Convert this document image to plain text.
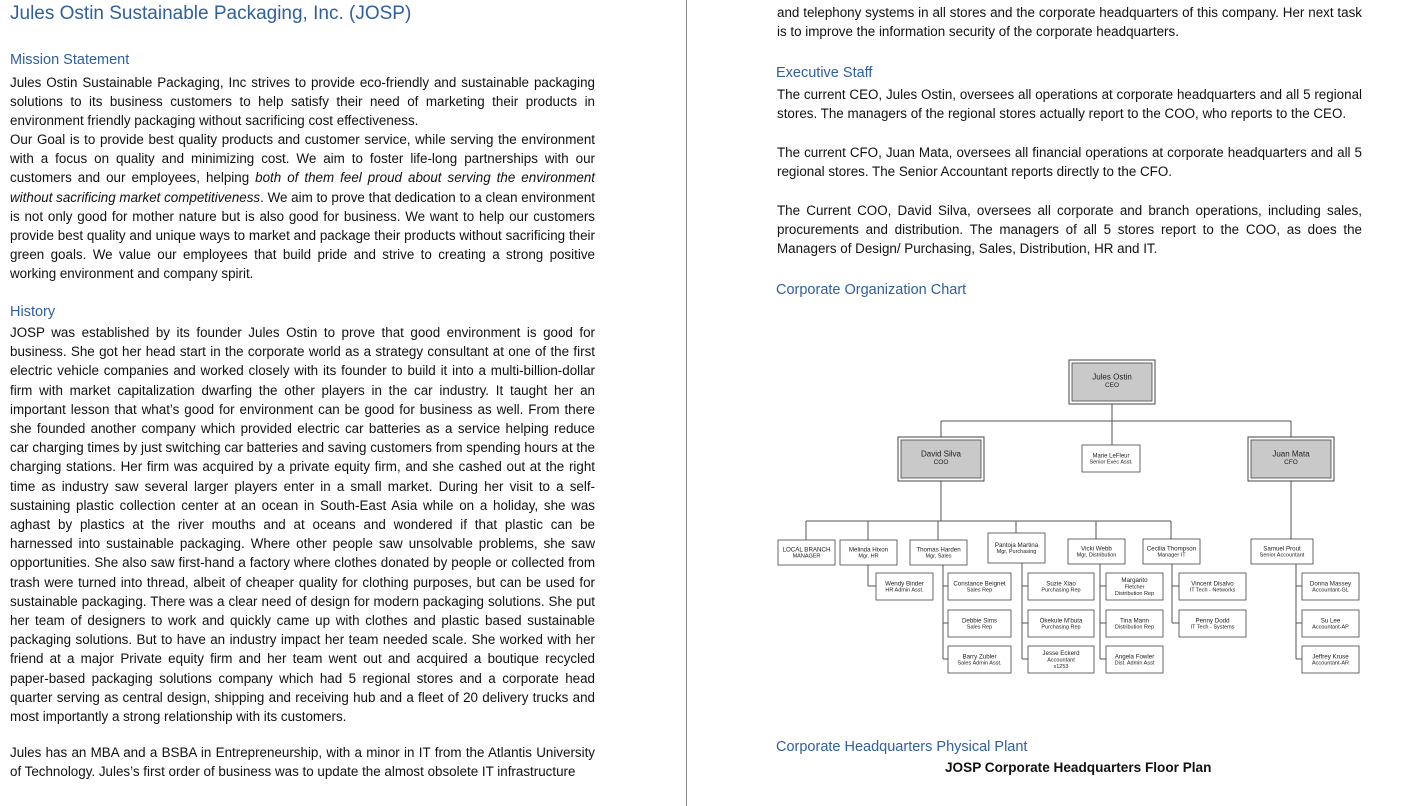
Jules Ostin Sustainable Packaging, Inc. (JOSP)
Mission Statement

Jules Ostin Sustainable Packaging, Inc strives to provide eco-friendly and sustainable packaging solutions to its business customers to help satisfy their need of marketing their products in environment friendly packaging without sacrificing cost effectiveness.

Our Goal is to provide best quality products and customer service, while serving the environment with a focus on quality and minimizing cost. We aim to foster life-long partnerships with our customers and our employees, helping both of them feel proud about serving the environment without sacrificing market competitiveness. We aim to prove that dedication to a clean environment is not only good for mother nature but is also good for business. We want to help our customers provide best quality and unique ways to market and package their products without sacrificing their green goals. We value our employees that build pride and strive to creating a strong positive working environment and company spirit.

History

JOSP was established by its founder Jules Ostin to prove that good environment is good for business. She got her head start in the corporate world as a strategy consultant at one of the first electric vehicle companies and worked closely with its founder to build it into a multi-billion-dollar firm with market capitalization dwarfing the other players in the car industry. It taught her an important lesson that what’s good for environment can be good for business as well. From there she founded another company which provided electric car batteries as a service helping reduce car charging times by just switching car batteries and saving customers from spending hours at the charging stations. Her firm was acquired by a private equity firm, and she cashed out at the right time as industry saw several larger players enter in a small market. During her visit to a self-sustaining plastic collection center at an ocean in South-East Asia while on a holiday, she was aghast by plastics at the river mouths and at oceans and wondered if that plastic can be harnessed into sustainable packaging. Where other people saw unsolvable problems, she saw opportunities. She also saw first-hand a factory where clothes donated by people or collected from trash were turned into thread, albeit of cheaper quality for clothing purposes, but can be used for sustainable packaging. There was a clear need of design for modern packaging solutions. She put her team of designers to work and quickly came up with clothes and plastic based sustainable packaging solutions. But to have an industry impact her team needed scale. She worked with her friend at a major Private equity firm and her team went out and acquired a boutique recycled paper-based packaging solutions company which had 5 regional stores and a corporate head quarter serving as central design, shipping and receiving hub and a fleet of 20 delivery trucks and most importantly a strong relationship with its customers.

Jules has an MBA and a BSBA in Entrepreneurship, with a minor in IT from the Atlantis University of Technology. Jules’s first order of business was to update the almost obsolete IT infrastructure

and telephony systems in all stores and the corporate headquarters of this company. Her next task is to improve the information security of the corporate headquarters.

Executive Staff

The current CEO, Jules Ostin, oversees all operations at corporate headquarters and all 5 regional stores. The managers of the regional stores actually report to the COO, who reports to the CEO.

The current CFO, Juan Mata, oversees all financial operations at corporate headquarters and all 5 regional stores. The Senior Accountant reports directly to the CFO.

The Current COO, David Silva, oversees all corporate and branch operations, including sales, procurements and distribution. The managers of all 5 stores report to the COO, as does the Managers of Design/ Purchasing, Sales, Distribution, HR and IT.

Corporate Organization Chart
Corporate Headquarters Physical Plant

JOSP Corporate Headquarters Floor Plan

Jules Ostin
CEO
David Silva
COO
Juan Mata
CFO
Marie LeFleur
Senior Exec Asst.
LOCAL BRANCH
MANAGER
Melinda Hixon
Mgr, HR
Thomas Harden
Mgr, Sales
Pantoja Martina
Mgr, Purchasing	Vicki Webb
Mgr, Distribution
Cecilia Thompson
Manager IT
Samuel Prout
Senior Accountant
Wendy Binder
HR Admin Asst.
Constance Beignet
Sales Rep
Debbie Sims
Sales Rep
Barry Zubler
Sales Admin Asst.
Suzie Xiao
Purchasing Rep
Okekule M'buta
Purchasing Rep
Jesse Eckerd
Accountant
x1253
Margarito
Fletcher
Distribution Rep
Tina Mann
Distribution Rep
Angela Fowler
Dist. Admin Asst
Vincent Disalvo
IT Tech - Networks
Penny Dodd
IT Tech - Systems
Donna Massey
Accountant-GL
Su Lee
Accountant-AP
Jeffrey Kruse
Accountant-AR
